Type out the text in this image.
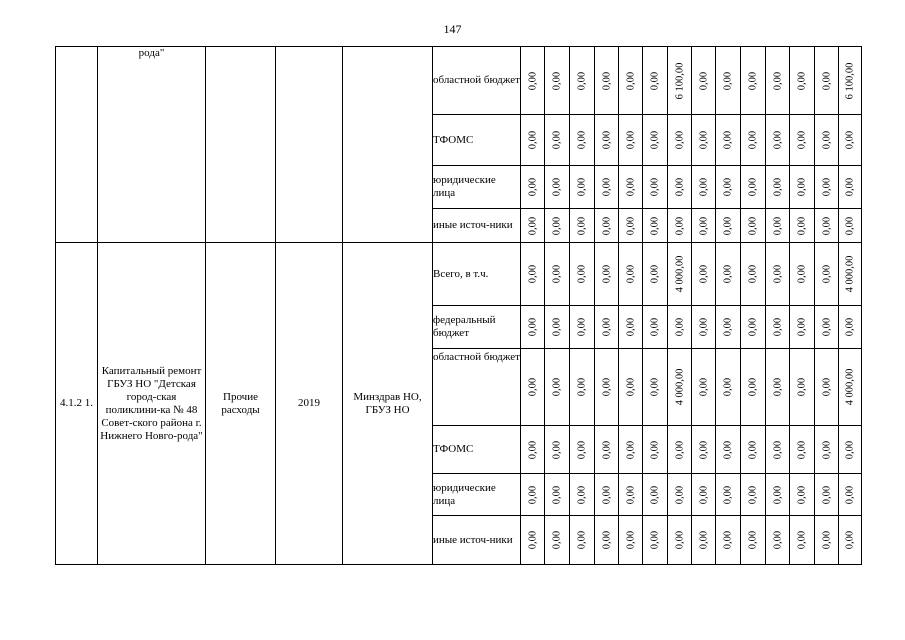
147
	рода"				областной бюджет	0,00	0,00	0,00	0,00	0,00	0,00	6 100,00	0,00	0,00	0,00	0,00	0,00	0,00	6 100,00

					ТФОМС	0,00	0,00	0,00	0,00	0,00	0,00	0,00	0,00	0,00	0,00	0,00	0,00	0,00	0,00

					юридические лица	0,00	0,00	0,00	0,00	0,00	0,00	0,00	0,00	0,00	0,00	0,00	0,00	0,00	0,00

					иные источ-ники	0,00	0,00	0,00	0,00	0,00	0,00	0,00	0,00	0,00	0,00	0,00	0,00	0,00	0,00

4.1.2 1.	Капитальный ремонт ГБУЗ НО "Детская город-ская поликлини-ка № 48 Совет-ского района г. Нижнего Новго-рода"	Прочие расходы	2019	Минздрав НО, ГБУЗ НО	Всего, в т.ч.	0,00	0,00	0,00	0,00	0,00	0,00	4 000,00	0,00	0,00	0,00	0,00	0,00	0,00	4 000,00

					федеральный бюджет	0,00	0,00	0,00	0,00	0,00	0,00	0,00	0,00	0,00	0,00	0,00	0,00	0,00	0,00

					областной бюджет	0,00	0,00	0,00	0,00	0,00	0,00	4 000,00	0,00	0,00	0,00	0,00	0,00	0,00	4 000,00

					ТФОМС	0,00	0,00	0,00	0,00	0,00	0,00	0,00	0,00	0,00	0,00	0,00	0,00	0,00	0,00

					юридические лица	0,00	0,00	0,00	0,00	0,00	0,00	0,00	0,00	0,00	0,00	0,00	0,00	0,00	0,00

					иные источ-ники	0,00	0,00	0,00	0,00	0,00	0,00	0,00	0,00	0,00	0,00	0,00	0,00	0,00	0,00
